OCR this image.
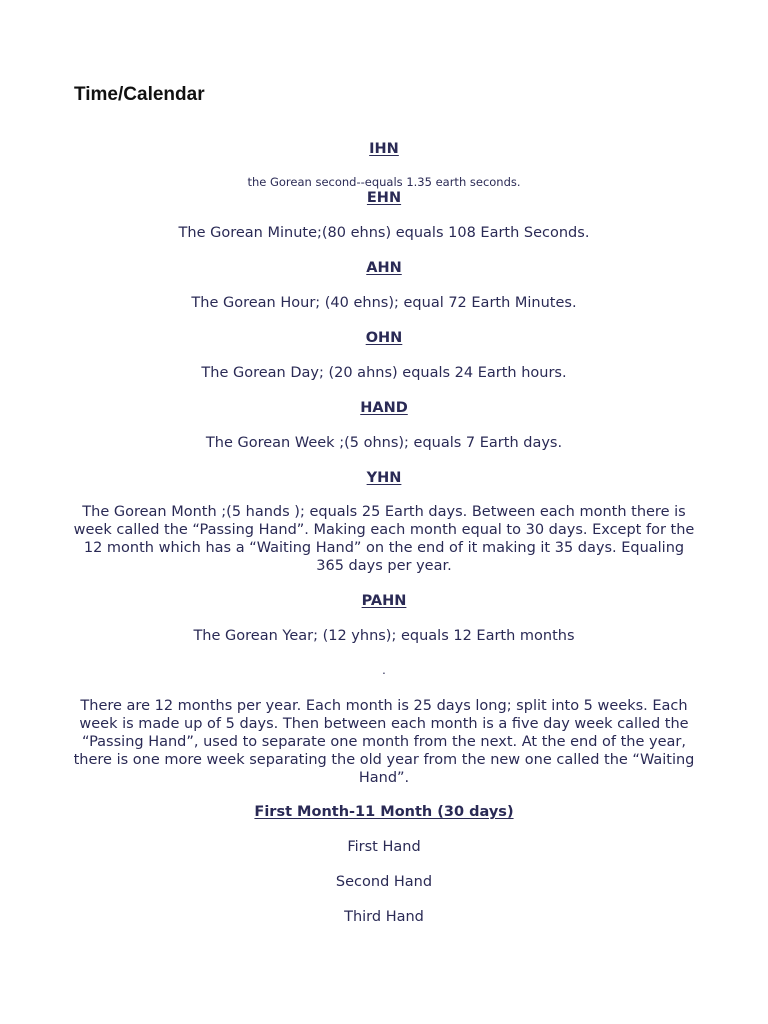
Time/Calendar
IHN

the Gorean second--equals 1.35 earth seconds.

EHN

The Gorean Minute;(80 ehns) equals 108 Earth Seconds.

AHN

The Gorean Hour; (40 ehns); equal 72 Earth Minutes.

OHN

The Gorean Day; (20 ahns) equals 24 Earth hours.

HAND

The Gorean Week ;(5 ohns); equals 7 Earth days.

YHN

The Gorean Month ;(5 hands ); equals 25 Earth days. Between each month there is week called the “Passing Hand”. Making each month equal to 30 days. Except for the 12 month which has a “Waiting Hand” on the end of it making it 35 days. Equaling 365 days per year.

PAHN

The Gorean Year; (12 yhns); equals 12 Earth months

.

There are 12 months per year. Each month is 25 days long; split into 5 weeks. Each week is made up of 5 days. Then between each month is a five day week called the “Passing Hand”, used to separate one month from the next. At the end of the year, there is one more week separating the old year from the new one called the “Waiting Hand”.

First Month-11 Month (30 days)

First Hand

Second Hand

Third Hand
